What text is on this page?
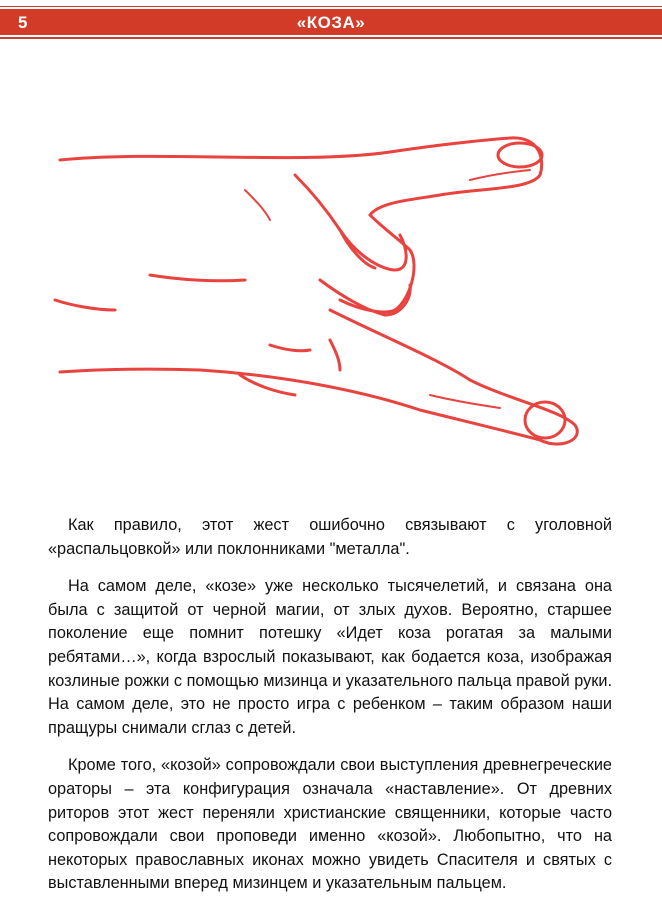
5	«КОЗА»

Как правило, этот жест ошибочно связывают с уголовной «распальцовкой» или поклонниками "металла".

На самом деле, «козе» уже несколько тысячелетий, и связана она была с защитой от черной магии, от злых духов. Вероятно, старшее поколение еще помнит потешку «Идет коза рогатая за малыми ребятами…», когда взрослый показывают, как бодается коза, изображая козлиные рожки с помощью мизинца и указательного пальца правой руки. На самом деле, это не просто игра с ребенком – таким образом наши пращуры снимали сглаз с детей.

Кроме того, «козой» сопровождали свои выступления древнегреческие ораторы – эта конфигурация означала «наставление». От древних риторов этот жест переняли христианские священники, которые часто сопровождали свои проповеди именно «козой». Любопытно, что на некоторых православных иконах можно увидеть Спасителя и святых с выставленными вперед мизинцем и указательным пальцем.
